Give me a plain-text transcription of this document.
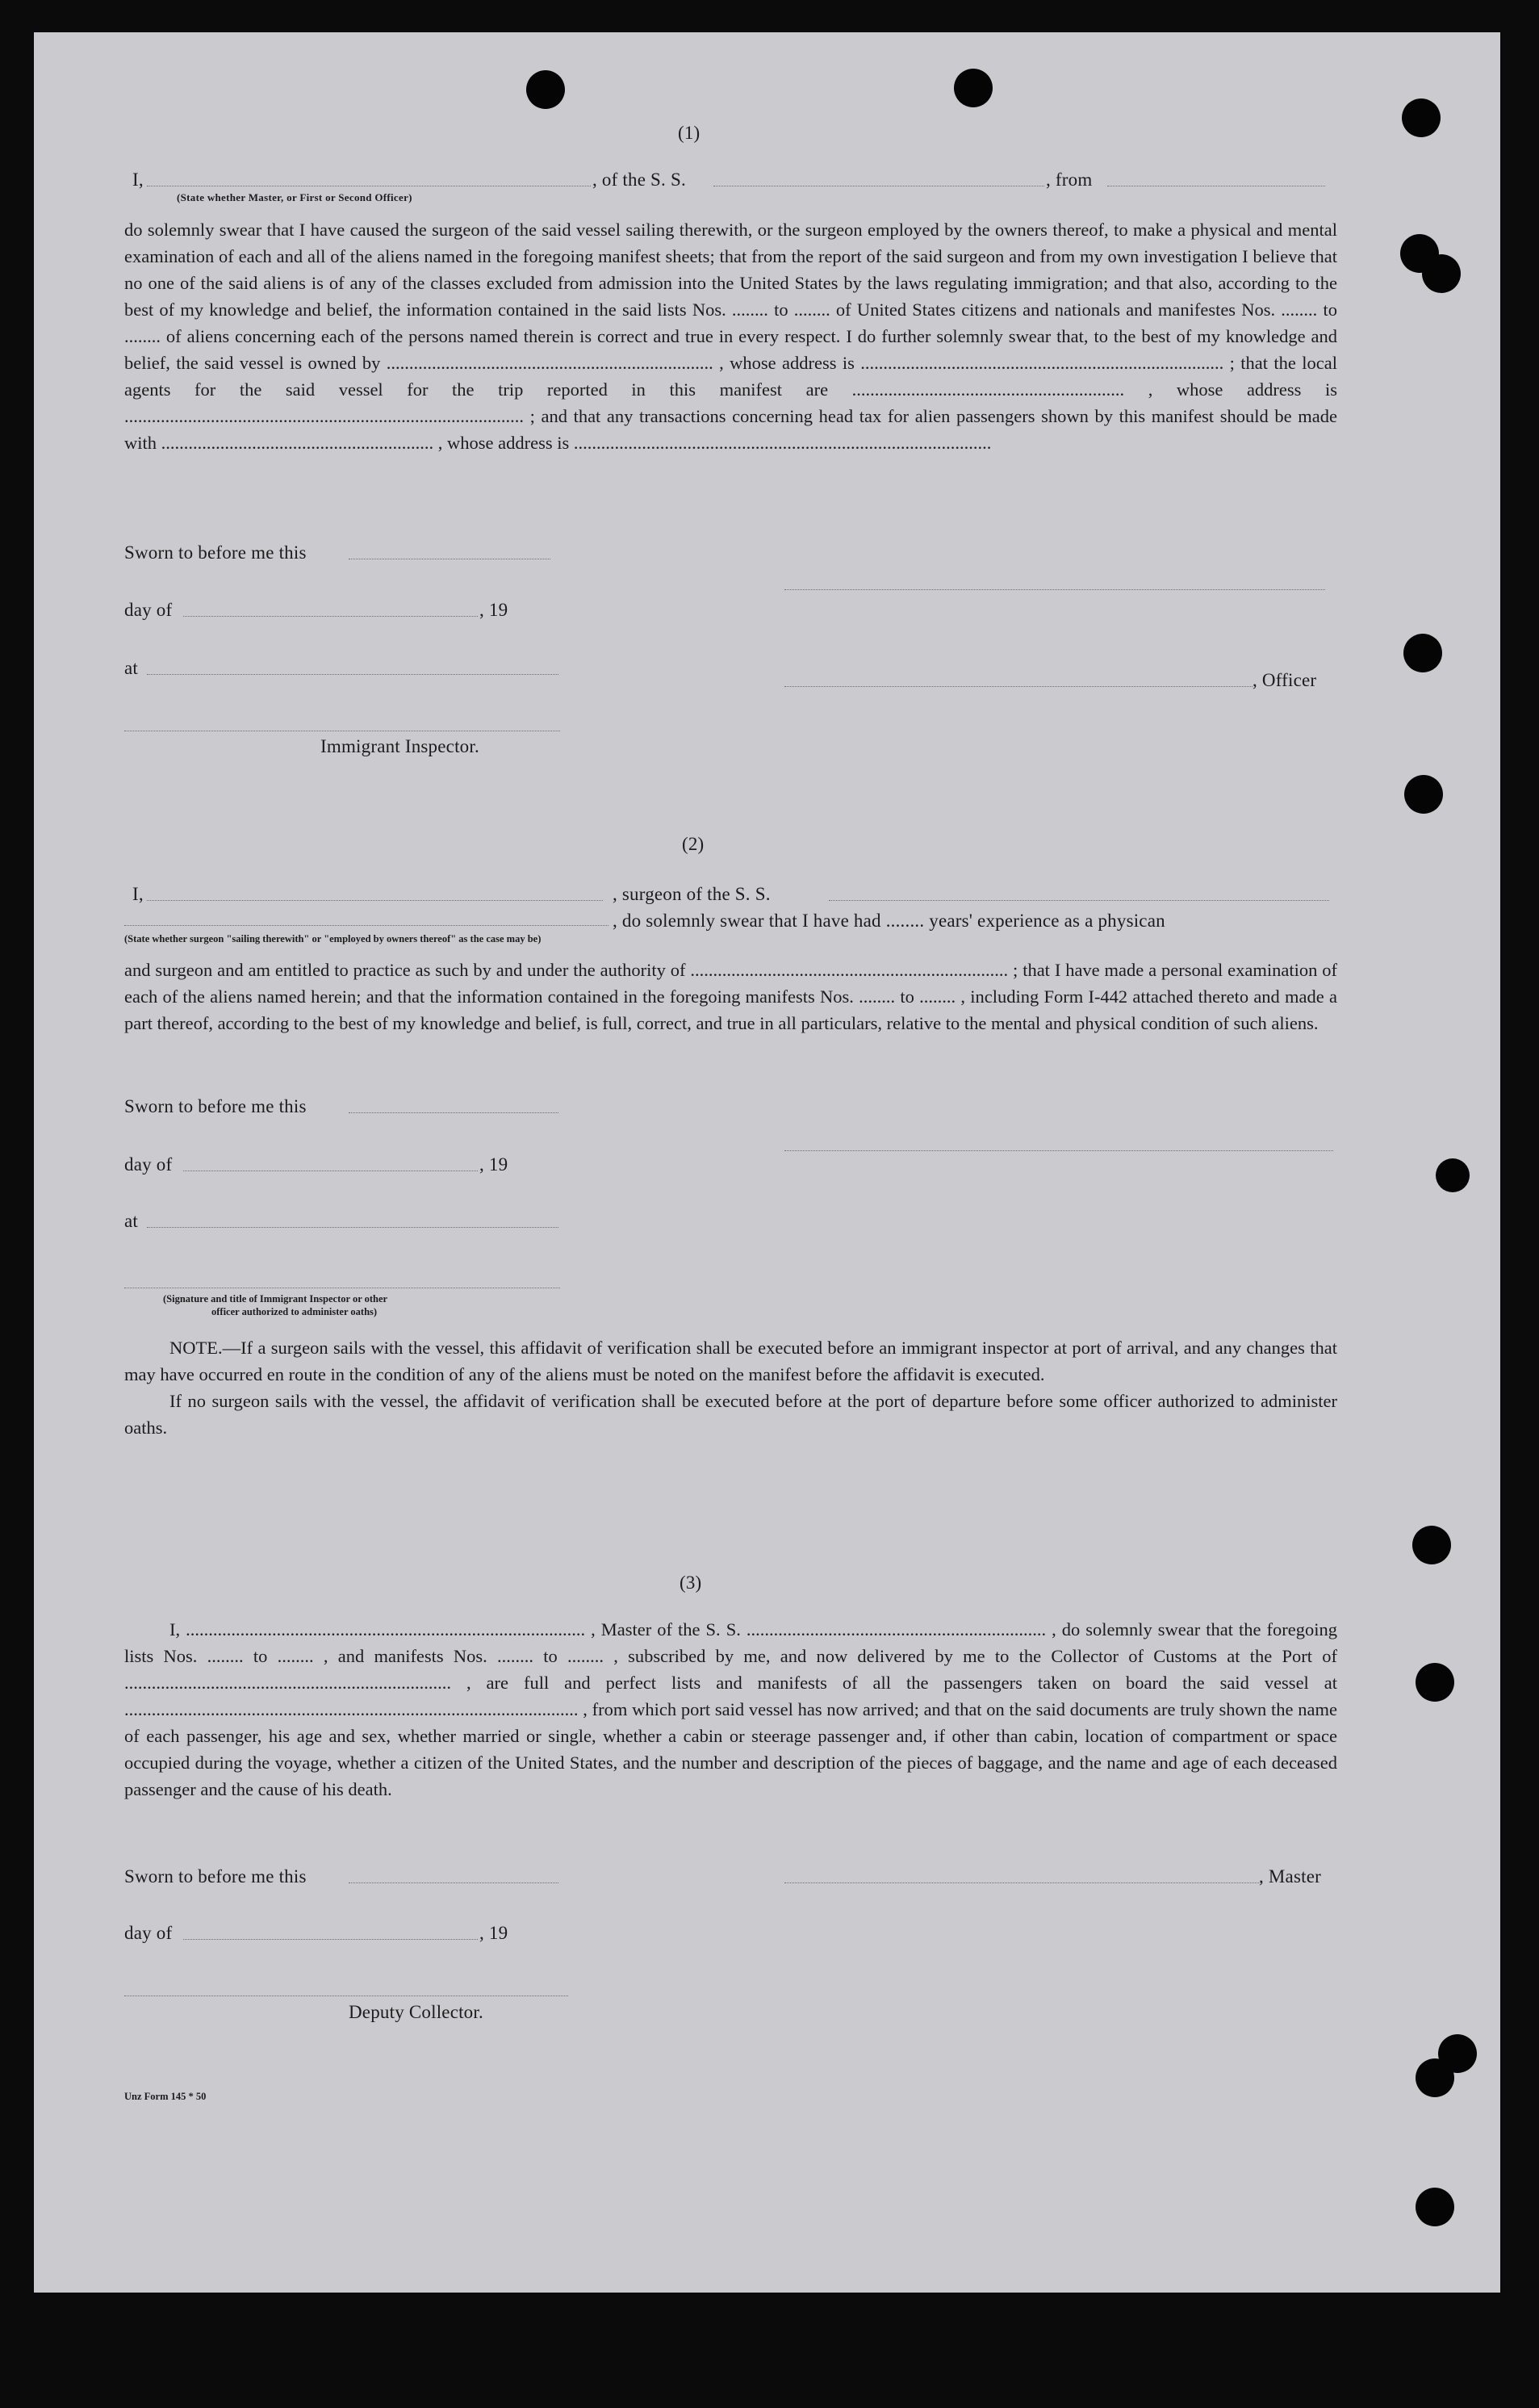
(1)
I,	, of the S. S.	, from
(State whether Master, or First or Second Officer)

do solemnly swear that I have caused the surgeon of the said vessel sailing therewith, or the surgeon employed by the owners thereof, to make a physical and mental examination of each and all of the aliens named in the foregoing manifest sheets; that from the report of the said surgeon and from my own investigation I believe that no one of the said aliens is of any of the classes excluded from admission into the United States by the laws regulating immigration; and that also, according to the best of my knowledge and belief, the information contained in the said lists Nos. ........ to ........ of United States citizens and nationals and manifestes Nos. ........ to ........ of aliens concerning each of the persons named therein is correct and true in every respect. I do further solemnly swear that, to the best of my knowledge and belief, the said vessel is owned by ........................................................................ , whose address is ................................................................................ ; that the local agents for the said vessel for the trip reported in this manifest are ............................................................ , whose address is ........................................................................................ ; and that any transactions concerning head tax for alien passengers shown by this manifest should be made with ............................................................ , whose address is ............................................................................................

Sworn to before me this
day of	, 19
at
, Officer
Immigrant Inspector.
(2)
I,	, surgeon of the S. S.
, do solemnly swear that I have had ........ years' experience as a physican
(State whether surgeon "sailing therewith" or "employed by owners thereof" as the case may be)

and surgeon and am entitled to practice as such by and under the authority of ...................................................................... ; that I have made a personal examination of each of the aliens named herein; and that the information contained in the foregoing manifests Nos. ........ to ........ , including Form I-442 attached thereto and made a part thereof, according to the best of my knowledge and belief, is full, correct, and true in all particulars, relative to the mental and physical condition of such aliens.

Sworn to before me this
day of	, 19
at
(Signature and title of Immigrant Inspector or other
officer authorized to administer oaths)

NOTE.—If a surgeon sails with the vessel, this affidavit of verification shall be executed before an immigrant inspector at port of arrival, and any changes that may have occurred en route in the condition of any of the aliens must be noted on the manifest before the affidavit is executed.

If no surgeon sails with the vessel, the affidavit of verification shall be executed before at the port of departure before some officer authorized to administer oaths.

(3)

I, ........................................................................................ , Master of the S. S. .................................................................. , do solemnly swear that the foregoing lists Nos. ........ to ........ , and manifests Nos. ........ to ........ , subscribed by me, and now delivered by me to the Collector of Customs at the Port of ........................................................................ , are full and perfect lists and manifests of all the passengers taken on board the said vessel at .................................................................................................... , from which port said vessel has now arrived; and that on the said documents are truly shown the name of each passenger, his age and sex, whether married or single, whether a cabin or steerage passenger and, if other than cabin, location of compartment or space occupied during the voyage, whether a citizen of the United States, and the number and description of the pieces of baggage, and the name and age of each deceased passenger and the cause of his death.

Sworn to before me this	, Master
day of	, 19
Deputy Collector.
Unz Form 145 * 50
